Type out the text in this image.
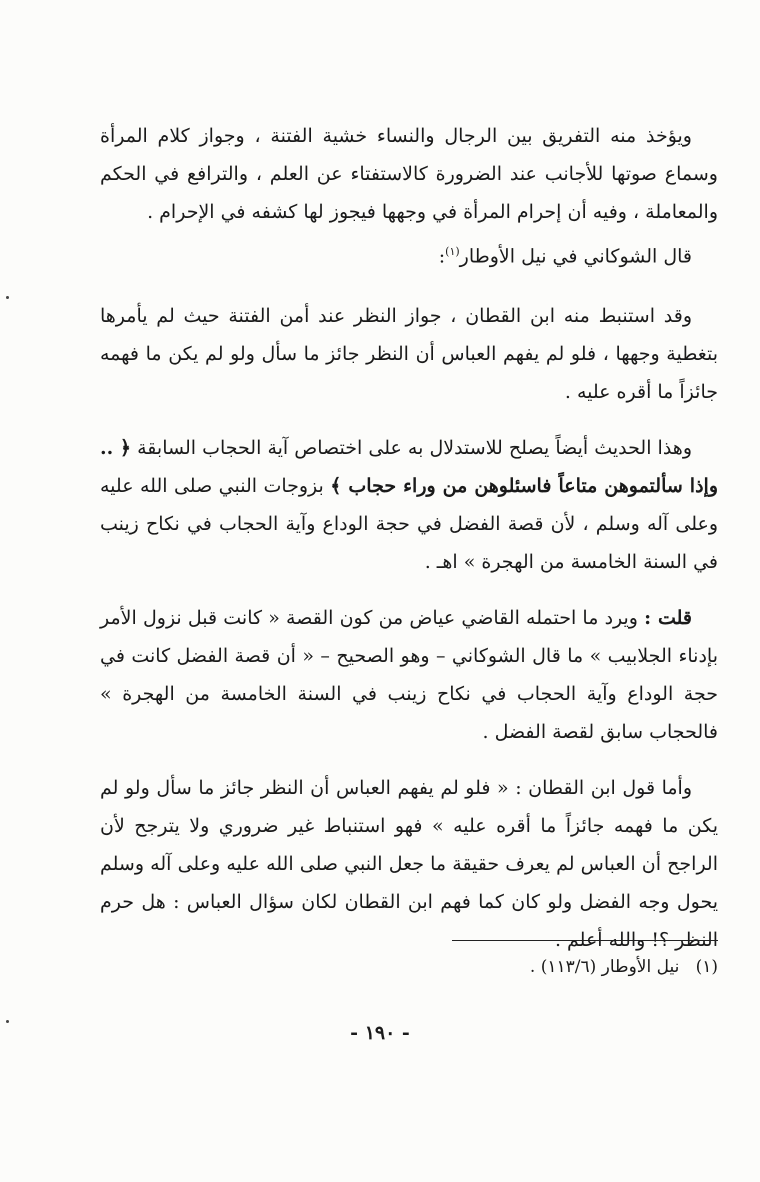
ويؤخذ منه التفريق بين الرجال والنساء خشية الفتنة ، وجواز كلام المرأة وسماع صوتها للأجانب عند الضرورة كالاستفتاء عن العلم ، والترافع في الحكم والمعاملة ، وفيه أن إحرام المرأة في وجهها فيجوز لها كشفه في الإحرام .

قال الشوكاني في نيل الأوطار$^{(١)}$:

وقد استنبط منه ابن القطان ، جواز النظر عند أمن الفتنة حيث لم يأمرها بتغطية وجهها ، فلو لم يفهم العباس أن النظر جائز ما سأل ولو لم يكن ما فهمه جائزاً ما أقره عليه .

وهذا الحديث أيضاً يصلح للاستدلال به على اختصاص آية الحجاب السابقة ﴿ .. وإذا سألتموهن متاعاً فاسئلوهن من وراء حجاب ﴾ بزوجات النبي صلى الله عليه وعلى آله وسلم ، لأن قصة الفضل في حجة الوداع وآية الحجاب في نكاح زينب في السنة الخامسة من الهجرة » اهـ .

قلت : ويرد ما احتمله القاضي عياض من كون القصة « كانت قبل نزول الأمر بإدناء الجلابيب » ما قال الشوكاني – وهو الصحيح – « أن قصة الفضل كانت في حجة الوداع وآية الحجاب في نكاح زينب في السنة الخامسة من الهجرة » فالحجاب سابق لقصة الفضل .

وأما قول ابن القطان : « فلو لم يفهم العباس أن النظر جائز ما سأل ولو لم يكن ما فهمه جائزاً ما أقره عليه » فهو استنباط غير ضروري ولا يترجح لأن الراجح أن العباس لم يعرف حقيقة ما جعل النبي صلى الله عليه وعلى آله وسلم يحول وجه الفضل ولو كان كما فهم ابن القطان لكان سؤال العباس : هل حرم النظر ؟! والله أعلم .

(١)   نيل الأوطار (١١٣/٦) .
- ١٩٠ -
